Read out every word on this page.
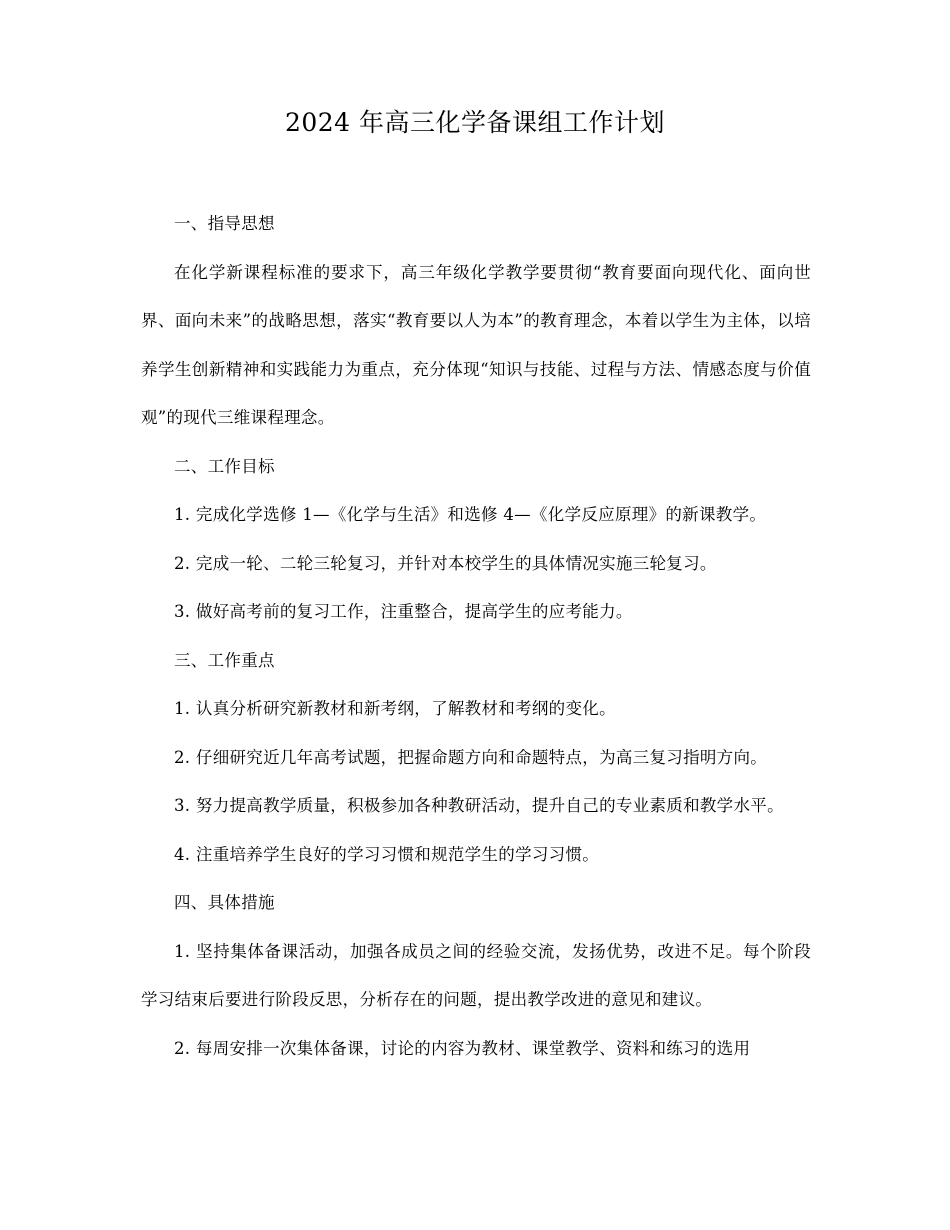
2024 年高三化学备课组工作计划

一、指导思想

在化学新课程标准的要求下，高三年级化学教学要贯彻“教育要面向现代化、面向世界、面向未来”的战略思想，落实“教育要以人为本”的教育理念，本着以学生为主体，以培养学生创新精神和实践能力为重点，充分体现“知识与技能、过程与方法、情感态度与价值观”的现代三维课程理念。

二、工作目标

1. 完成化学选修 1—《化学与生活》和选修 4—《化学反应原理》的新课教学。

2. 完成一轮、二轮三轮复习，并针对本校学生的具体情况实施三轮复习。

3. 做好高考前的复习工作，注重整合，提高学生的应考能力。

三、工作重点

1. 认真分析研究新教材和新考纲，了解教材和考纲的变化。

2. 仔细研究近几年高考试题，把握命题方向和命题特点，为高三复习指明方向。

3. 努力提高教学质量，积极参加各种教研活动，提升自己的专业素质和教学水平。

4. 注重培养学生良好的学习习惯和规范学生的学习习惯。

四、具体措施

1. 坚持集体备课活动，加强各成员之间的经验交流，发扬优势，改进不足。每个阶段学习结束后要进行阶段反思，分析存在的问题，提出教学改进的意见和建议。

2. 每周安排一次集体备课，讨论的内容为教材、课堂教学、资料和练习的选用
